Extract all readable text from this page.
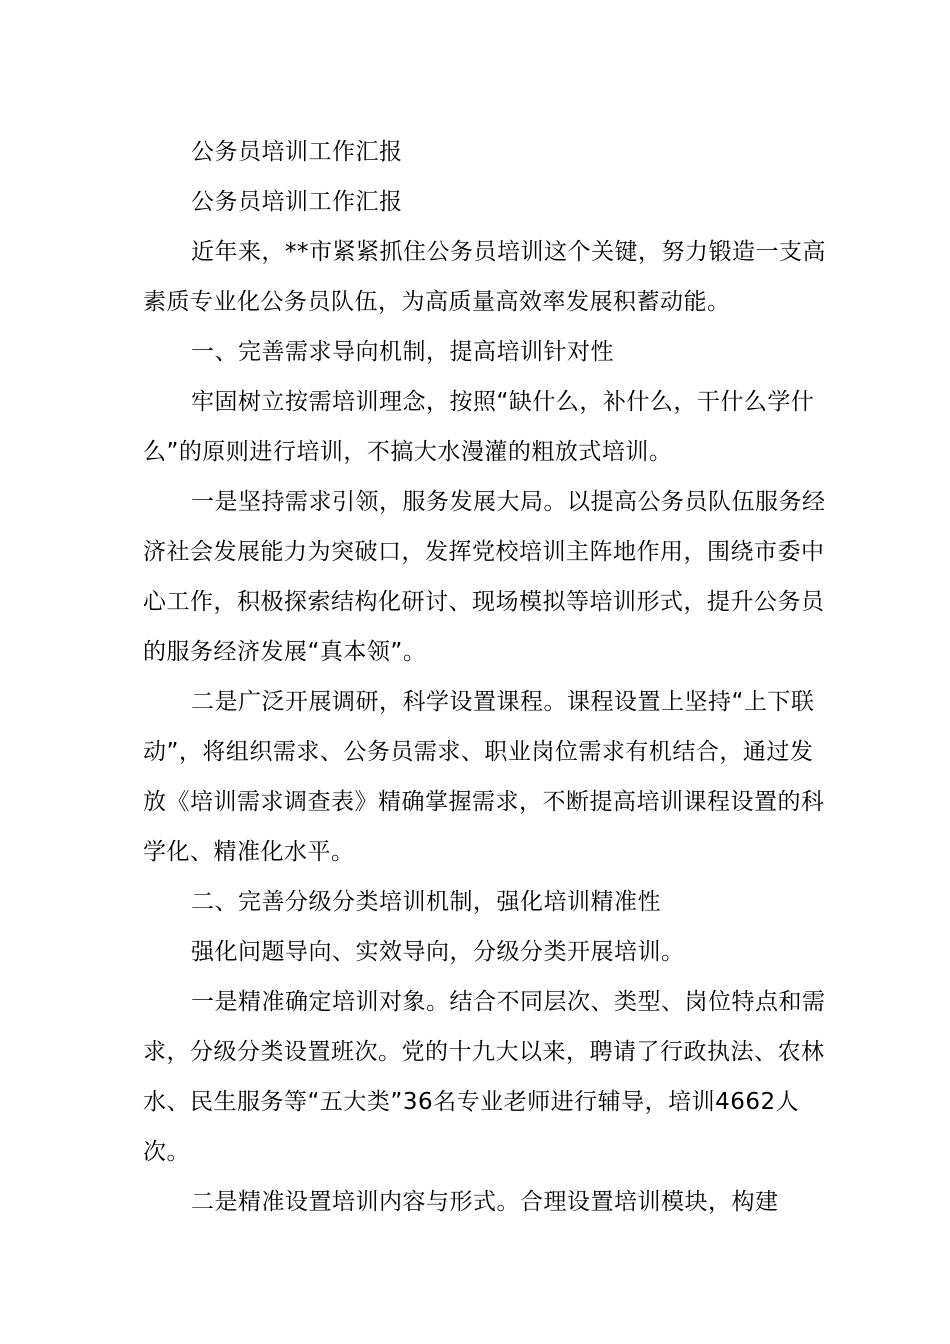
公务员培训工作汇报

公务员培训工作汇报

近年来，**市紧紧抓住公务员培训这个关键，努力锻造一支高素质专业化公务员队伍，为高质量高效率发展积蓄动能。

一、完善需求导向机制，提高培训针对性

牢固树立按需培训理念，按照“缺什么，补什么，干什么学什么”的原则进行培训，不搞大水漫灌的粗放式培训。

一是坚持需求引领，服务发展大局。以提高公务员队伍服务经济社会发展能力为突破口，发挥党校培训主阵地作用，围绕市委中心工作，积极探索结构化研讨、现场模拟等培训形式，提升公务员的服务经济发展“真本领”。

二是广泛开展调研，科学设置课程。课程设置上坚持“上下联动”，将组织需求、公务员需求、职业岗位需求有机结合，通过发放《培训需求调查表》精确掌握需求，不断提高培训课程设置的科学化、精准化水平。

二、完善分级分类培训机制，强化培训精准性

强化问题导向、实效导向，分级分类开展培训。

一是精准确定培训对象。结合不同层次、类型、岗位特点和需求，分级分类设置班次。党的十九大以来，聘请了行政执法、农林水、民生服务等“五大类”36名专业老师进行辅导，培训4662人次。

二是精准设置培训内容与形式。合理设置培训模块，构建
